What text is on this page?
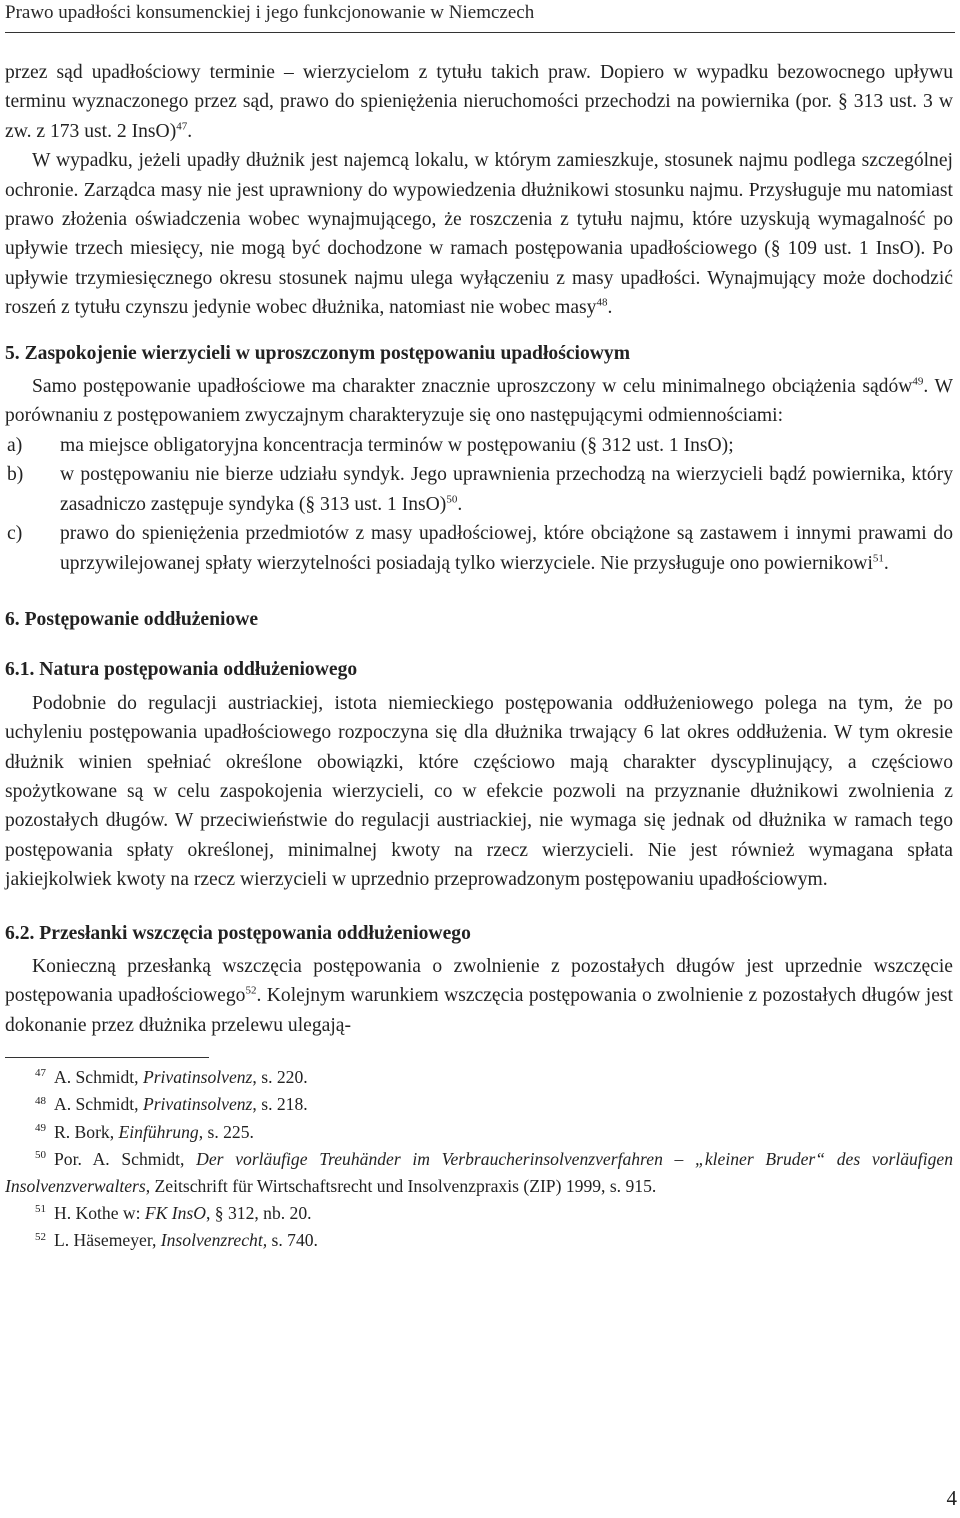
Prawo upadłości konsumenckiej i jego funkcjonowanie w Niemczech

przez sąd upadłościowy terminie – wierzycielom z tytułu takich praw. Dopiero w wypadku bezowocnego upływu terminu wyznaczonego przez sąd, prawo do spieniężenia nieruchomości przechodzi na powiernika (por. § 313 ust. 3 w zw. z 173 ust. 2 InsO)$^{47}$.

W wypadku, jeżeli upadły dłużnik jest najemcą lokalu, w którym zamieszkuje, stosunek najmu podlega szczególnej ochronie. Zarządca masy nie jest uprawniony do wypowiedzenia dłużnikowi stosunku najmu. Przysługuje mu natomiast prawo złożenia oświadczenia wobec wynajmującego, że roszczenia z tytułu najmu, które uzyskują wymagalność po upływie trzech miesięcy, nie mogą być dochodzone w ramach postępowania upadłościowego (§ 109 ust. 1 InsO). Po upływie trzymiesięcznego okresu stosunek najmu ulega wyłączeniu z masy upadłości. Wynajmujący może dochodzić roszeń z tytułu czynszu jedynie wobec dłużnika, natomiast nie wobec masy$^{48}$.

5. Zaspokojenie wierzycieli w uproszczonym postępowaniu upadłościowym

Samo postępowanie upadłościowe ma charakter znacznie uproszczony w celu minimalnego obciążenia sądów$^{49}$. W porównaniu z postępowaniem zwyczajnym charakteryzuje się ono następującymi odmiennościami:

a) ma miejsce obligatoryjna koncentracja terminów w postępowaniu (§ 312 ust. 1 InsO);
b) w postępowaniu nie bierze udziału syndyk. Jego uprawnienia przechodzą na wierzycieli bądź powiernika, który zasadniczo zastępuje syndyka (§ 313 ust. 1 InsO)$^{50}$.
c) prawo do spieniężenia przedmiotów z masy upadłościowej, które obciążone są zastawem i innymi prawami do uprzywilejowanej spłaty wierzytelności posiadają tylko wierzyciele. Nie przysługuje ono powiernikowi$^{51}$.
6. Postępowanie oddłużeniowe
6.1. Natura postępowania oddłużeniowego

Podobnie do regulacji austriackiej, istota niemieckiego postępowania oddłużeniowego polega na tym, że po uchyleniu postępowania upadłościowego rozpoczyna się dla dłużnika trwający 6 lat okres oddłużenia. W tym okresie dłużnik winien spełniać określone obowiązki, które częściowo mają charakter dyscyplinujący, a częściowo spożytkowane są w celu zaspokojenia wierzycieli, co w efekcie pozwoli na przyznanie dłużnikowi zwolnienia z pozostałych długów. W przeciwieństwie do regulacji austriackiej, nie wymaga się jednak od dłużnika w ramach tego postępowania spłaty określonej, minimalnej kwoty na rzecz wierzycieli. Nie jest również wymagana spłata jakiejkolwiek kwoty na rzecz wierzycieli w uprzednio przeprowadzonym postępowaniu upadłościowym.

6.2. Przesłanki wszczęcia postępowania oddłużeniowego

Konieczną przesłanką wszczęcia postępowania o zwolnienie z pozostałych długów jest uprzednie wszczęcie postępowania upadłościowego$^{52}$. Kolejnym warunkiem wszczęcia postępowania o zwolnienie z pozostałych długów jest dokonanie przez dłużnika przelewu ulegają-

$^{47}$ A. Schmidt, Privatinsolvenz, s. 220.
$^{48}$ A. Schmidt, Privatinsolvenz, s. 218.
$^{49}$ R. Bork, Einführung, s. 225.
$^{50}$ Por. A. Schmidt, Der vorläufige Treuhänder im Verbraucherinsolvenzverfahren – „kleiner Bruder“ des vorläufigen Insolvenzverwalters, Zeitschrift für Wirtschaftsrecht und Insolvenzpraxis (ZIP) 1999, s. 915.
$^{51}$ H. Kothe w: FK InsO, § 312, nb. 20.
$^{52}$ L. Häsemeyer, Insolvenzrecht, s. 740.
4
